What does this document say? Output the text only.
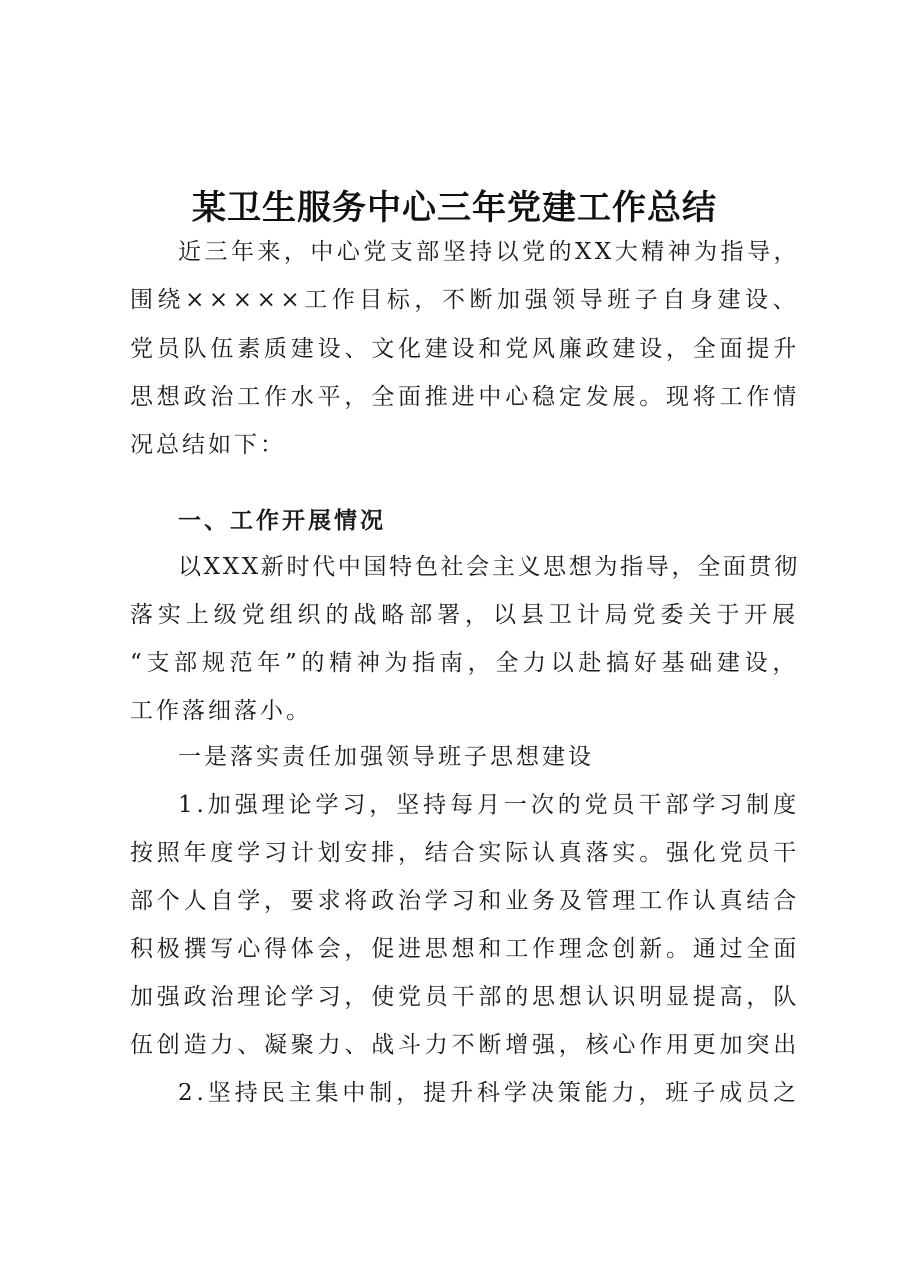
某卫生服务中心三年党建工作总结
近三年来，中心党支部坚持以党的XX大精神为指导，
围绕×××××工作目标，不断加强领导班子自身建设、
党员队伍素质建设、文化建设和党风廉政建设，全面提升
思想政治工作水平，全面推进中心稳定发展。现将工作情
况总结如下：
一、工作开展情况
以XXX新时代中国特色社会主义思想为指导，全面贯彻
落实上级党组织的战略部署，以县卫计局党委关于开展
“支部规范年”的精神为指南，全力以赴搞好基础建设，
工作落细落小。
一是落实责任加强领导班子思想建设
1.加强理论学习，坚持每月一次的党员干部学习制度
按照年度学习计划安排，结合实际认真落实。强化党员干
部个人自学，要求将政治学习和业务及管理工作认真结合
积极撰写心得体会，促进思想和工作理念创新。通过全面
加强政治理论学习，使党员干部的思想认识明显提高，队
伍创造力、凝聚力、战斗力不断增强，核心作用更加突出
2.坚持民主集中制，提升科学决策能力，班子成员之
